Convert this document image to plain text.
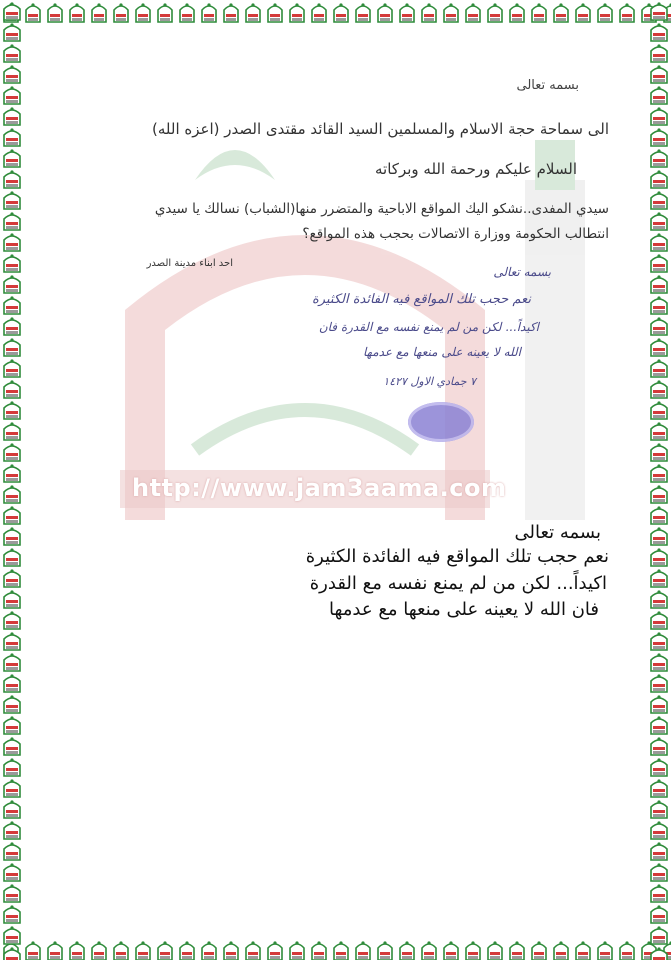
http://www.jam3aama.com
بسمه تعالى
الى سماحة حجة الاسلام والمسلمين السيد القائد مقتدى الصدر (اعزه الله)
السلام عليكم ورحمة الله وبركاته
سيدي المفدى..نشكو اليك المواقع الاباحية والمتضرر منها(الشباب) نسالك يا سيدي انتطالب الحكومة ووزارة الاتصالات بحجب هذه المواقع؟
احد ابناء مدينة الصدر
بسمه تعالى
نعم حجب تلك المواقع فيه الفائدة الكثيرة
اكيداً... لكن من لم يمنع نفسه مع القدرة فان
الله لا يعينه على منعها مع عدمها
٧ جمادي الاول ١٤٢٧
بسمه تعالى
نعم حجب تلك المواقع فيه الفائدة الكثيرة
اكيداً... لكن من لم يمنع نفسه مع القدرة
فان الله لا يعينه على منعها مع عدمها
